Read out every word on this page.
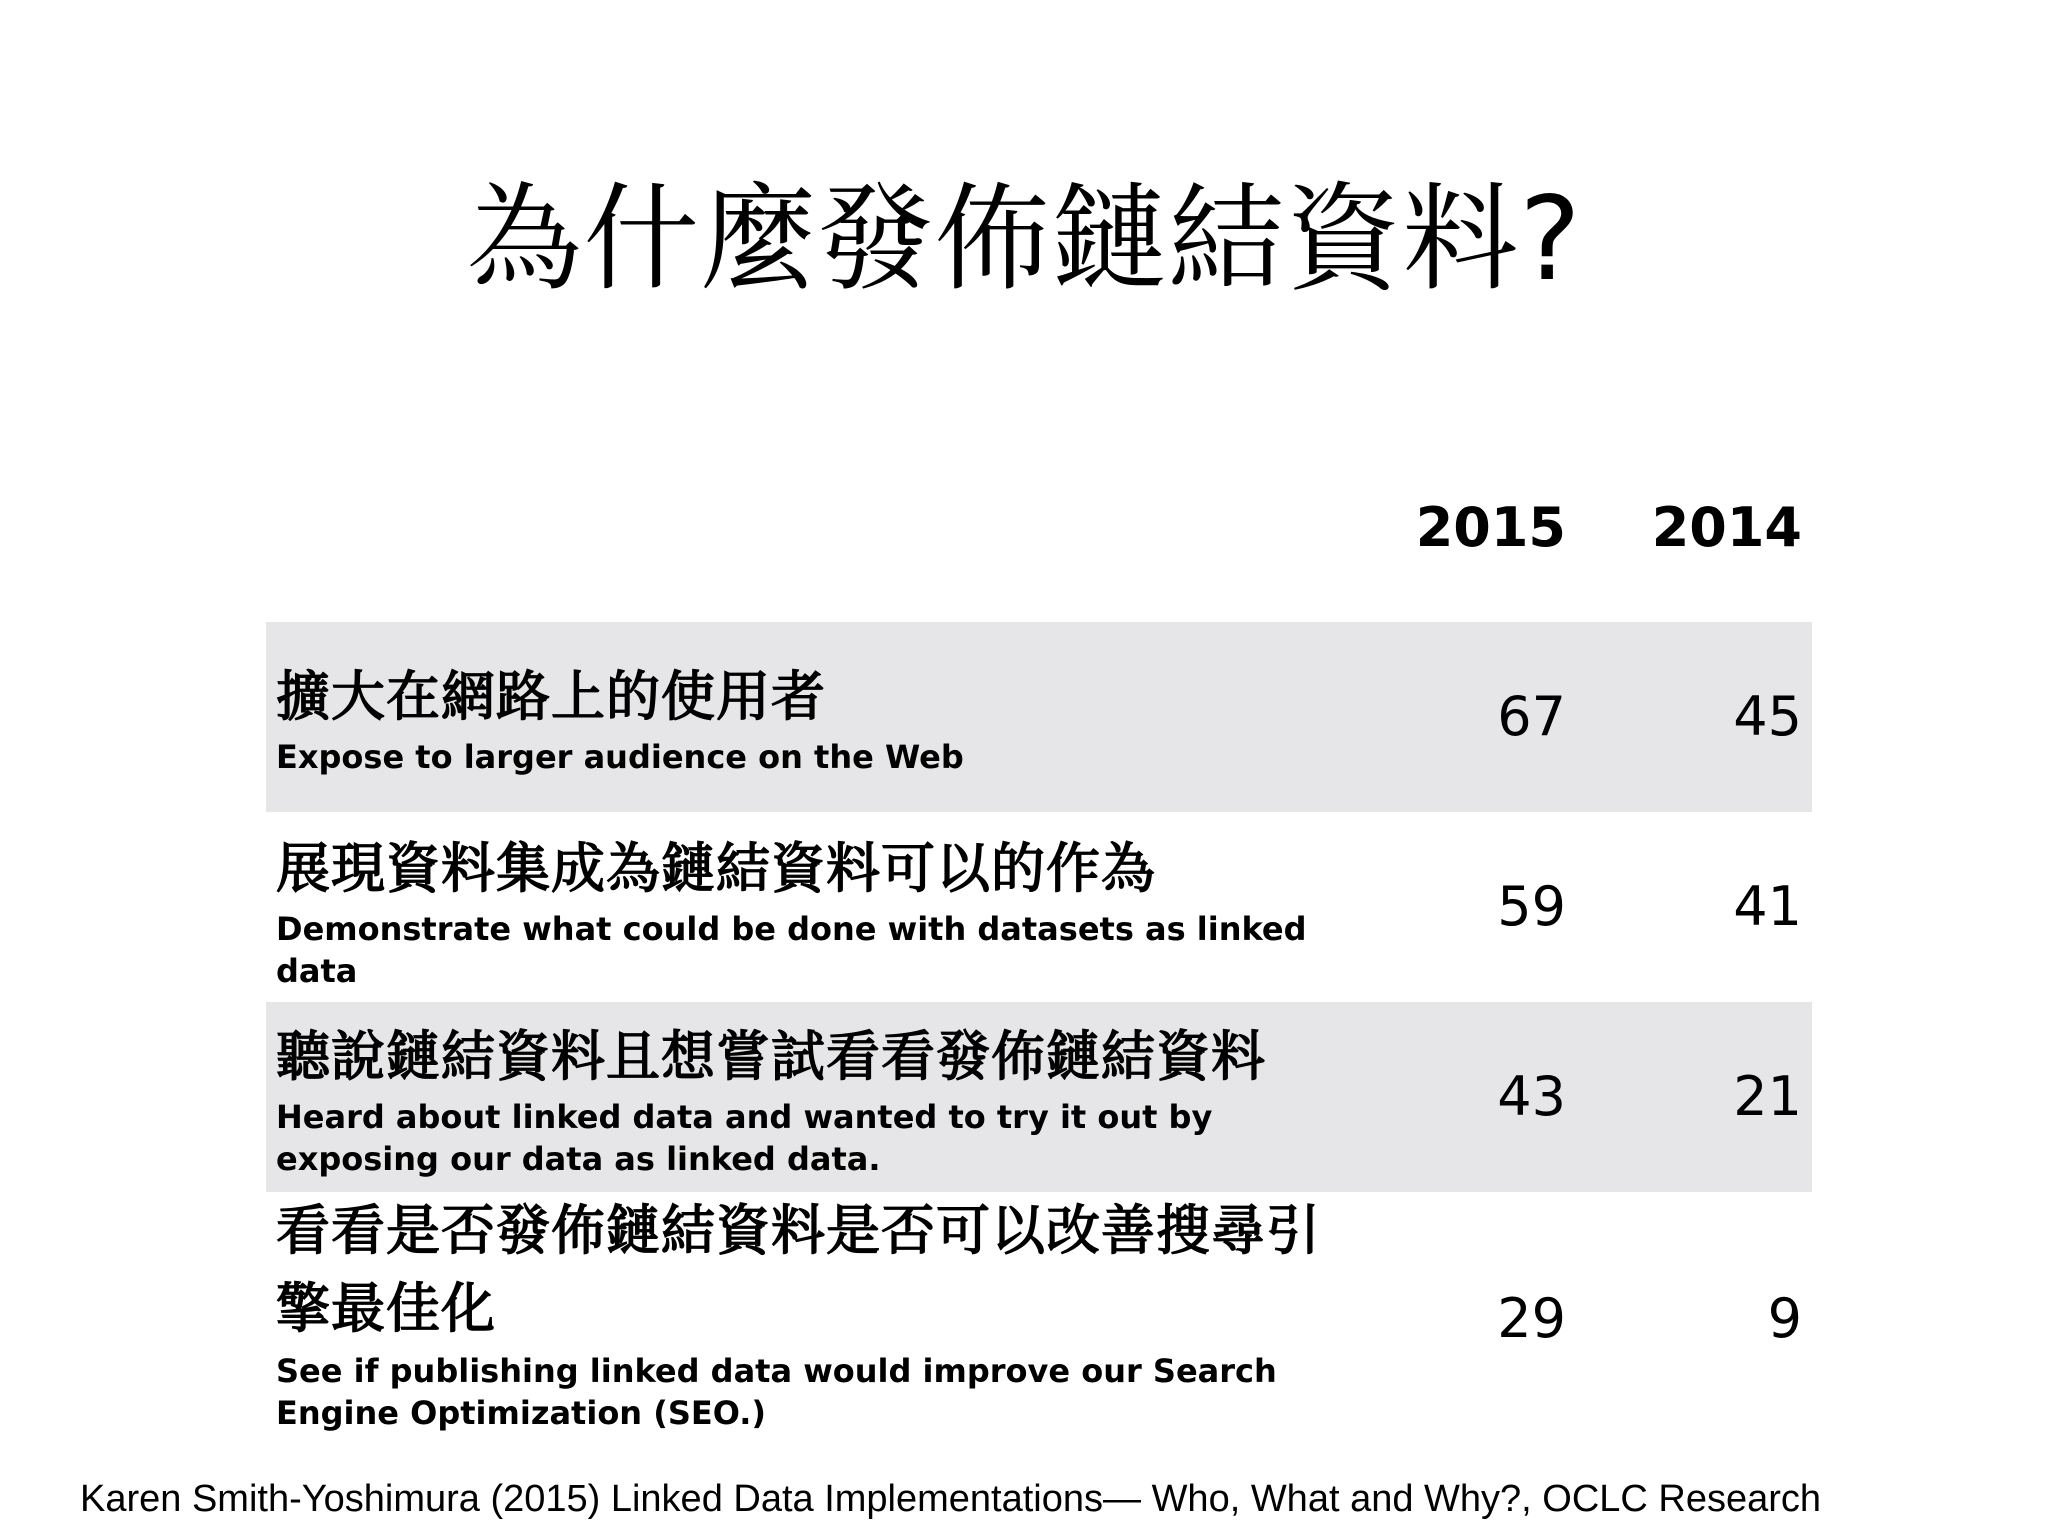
為什麼發佈鏈結資料?
2015	2014
擴大在網路上的使用者
Expose to larger audience on the Web
67	45
展現資料集成為鏈結資料可以的作為
Demonstrate what could be done with datasets as linked data
59	41
聽說鏈結資料且想嘗試看看發佈鏈結資料
Heard about linked data and wanted to try it out by exposing our data as linked data.
43	21
看看是否發佈鏈結資料是否可以改善搜尋引擎最佳化
See if publishing linked data would improve our Search Engine Optimization (SEO.)
29	9
Karen Smith-Yoshimura (2015) Linked Data Implementations— Who, What and Why?, OCLC Research
